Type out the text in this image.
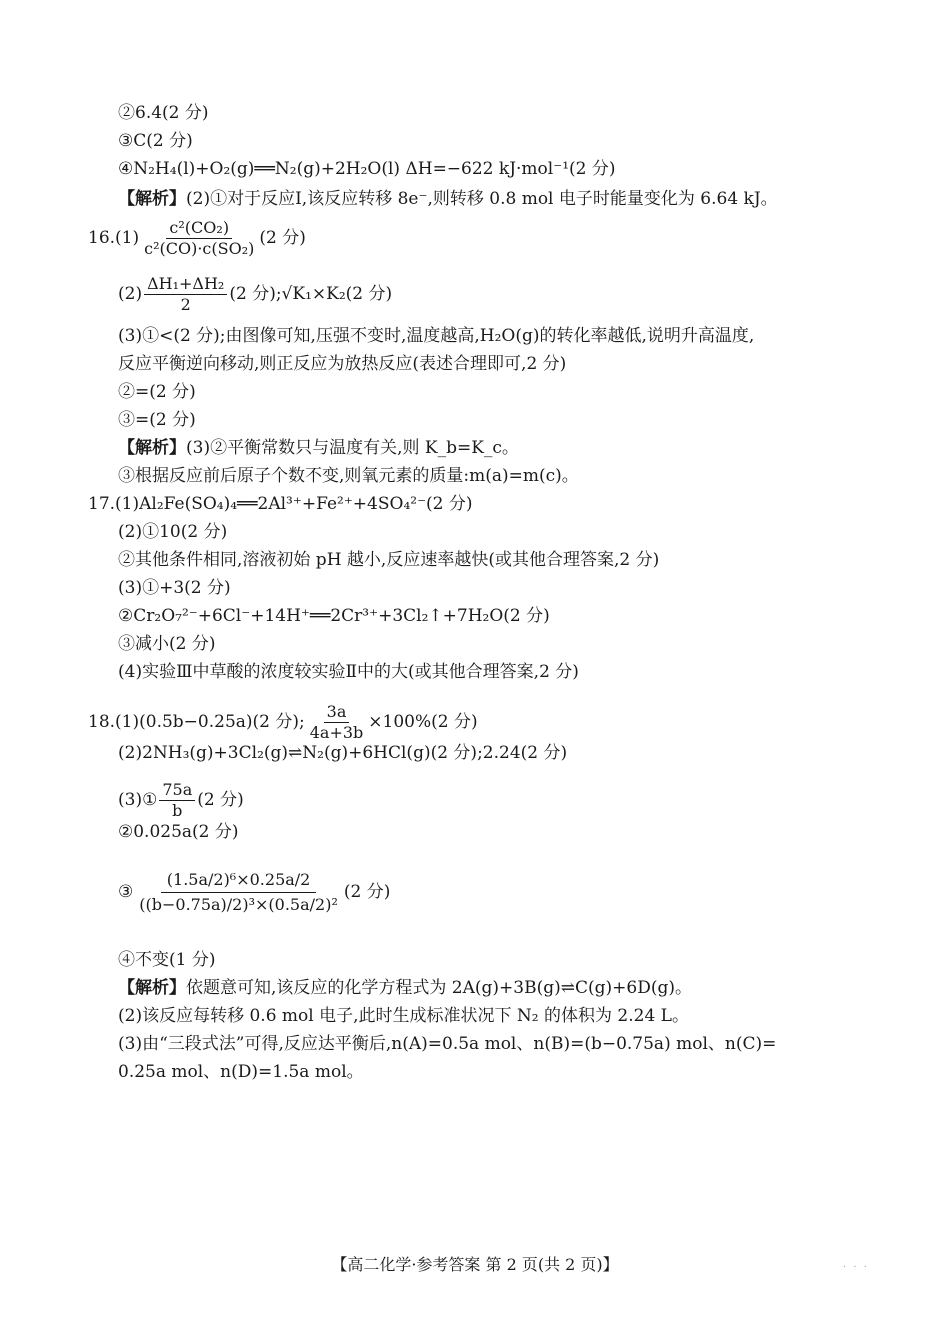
②6.4(2 分)
③C(2 分)
④N₂H₄(l)+O₂(g)══N₂(g)+2H₂O(l) ΔH=−622 kJ·mol⁻¹(2 分)
【解析】(2)①对于反应Ⅰ,该反应转移 8e⁻,则转移 0.8 mol 电子时能量变化为 6.64 kJ。
$16.(1) \frac{\text{c²(CO₂)}}{\text{c²(CO)·c(SO₂)}} (2$ 分)
$(2) \frac{\text{ΔH₁+ΔH₂}}{2} (2$ 分);√K₁×K₂(2 分)
(3)①<(2 分);由图像可知,压强不变时,温度越高,H₂O(g)的转化率越低,说明升高温度,
反应平衡逆向移动,则正反应为放热反应(表述合理即可,2 分)
②=(2 分)
③=(2 分)
【解析】(3)②平衡常数只与温度有关,则 K_b=K_c。
③根据反应前后原子个数不变,则氧元素的质量:m(a)=m(c)。
17.(1)Al₂Fe(SO₄)₄══2Al³⁺+Fe²⁺+4SO₄²⁻(2 分)
(2)①10(2 分)
②其他条件相同,溶液初始 pH 越小,反应速率越快(或其他合理答案,2 分)
(3)①+3(2 分)
②Cr₂O₇²⁻+6Cl⁻+14H⁺══2Cr³⁺+3Cl₂↑+7H₂O(2 分)
③减小(2 分)
(4)实验Ⅲ中草酸的浓度较实验Ⅱ中的大(或其他合理答案,2 分)
18.(1)(0.5b−0.25a)(2 分); $\frac{3a}{4a+3b} \times 100\%(2$ 分)
(2)2NH₃(g)+3Cl₂(g)⇌N₂(g)+6HCl(g)(2 分);2.24(2 分)
(3)① $\frac{75a}{b} (2$ 分)
②0.025a(2 分)
③ $\frac{\text{(1.5a/2)⁶×0.25a/2}}{\text{((b−0.75a)/2)³×(0.5a/2)²}} (2$ 分)
④不变(1 分)
【解析】依题意可知,该反应的化学方程式为 2A(g)+3B(g)⇌C(g)+6D(g)。
(2)该反应每转移 0.6 mol 电子,此时生成标准状况下 N₂ 的体积为 2.24 L。
(3)由“三段式法”可得,反应达平衡后,n(A)=0.5a mol、n(B)=(b−0.75a) mol、n(C)=
0.25a mol、n(D)=1.5a mol。
【高二化学·参考答案 第 2 页(共 2 页)】	· · ·
